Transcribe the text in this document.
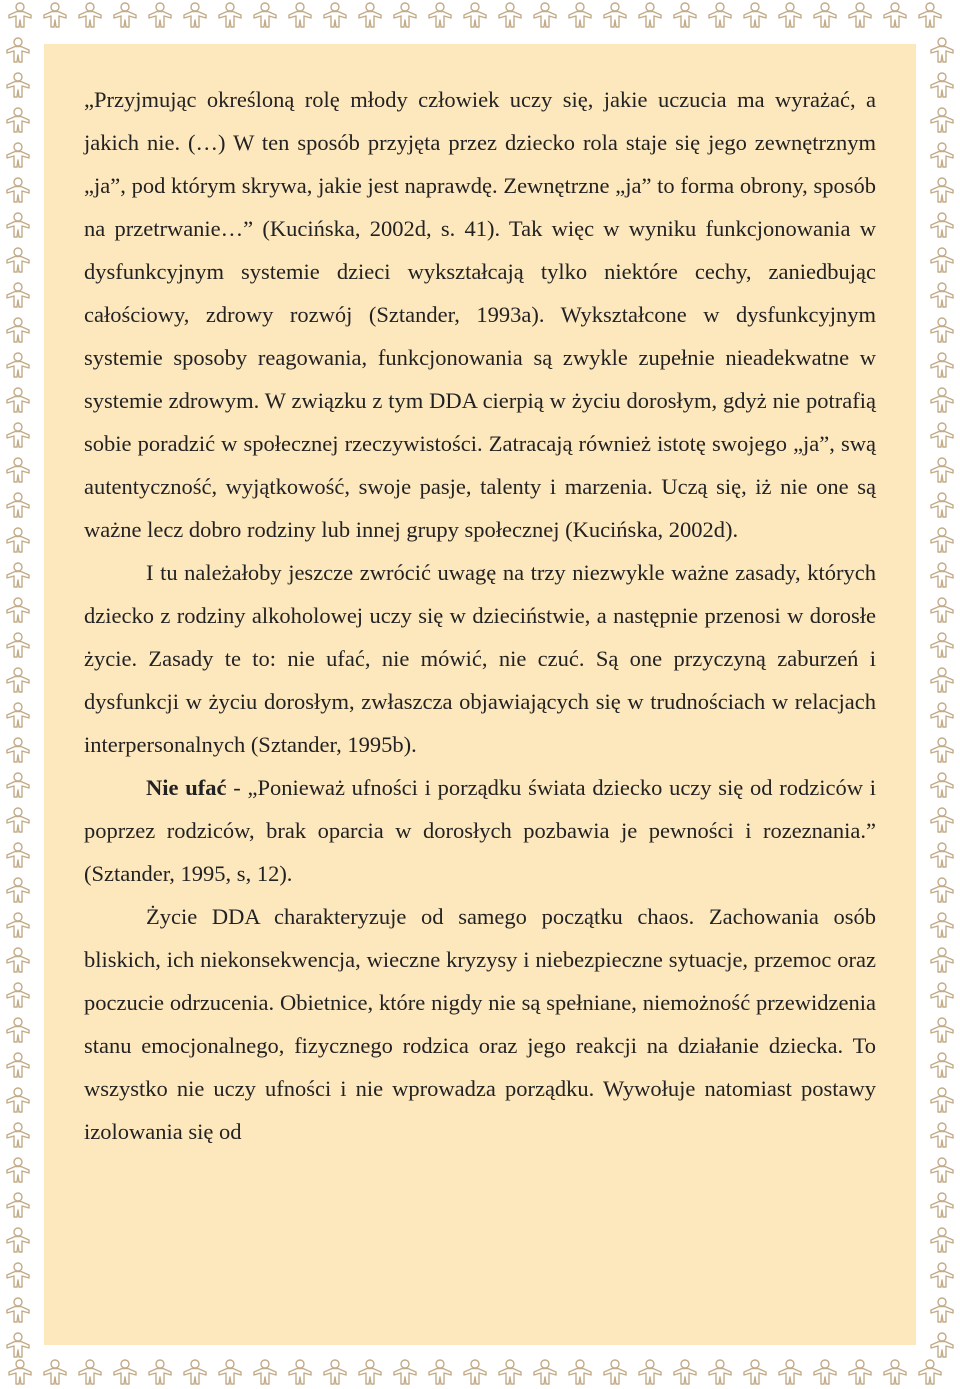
„Przyjmując określoną rolę młody człowiek uczy się, jakie uczucia ma wyrażać, a jakich nie. (…) W ten sposób przyjęta przez dziecko rola staje się jego zewnętrznym „ja”, pod którym skrywa, jakie jest naprawdę. Zewnętrzne „ja” to forma obrony, sposób na przetrwanie…” (Kucińska, 2002d, s. 41). Tak więc w wyniku funkcjonowania w dysfunkcyjnym systemie dzieci wykształcają tylko niektóre cechy, zaniedbując całościowy, zdrowy rozwój (Sztander, 1993a). Wykształcone w dysfunkcyjnym systemie sposoby reagowania, funkcjonowania są zwykle zupełnie nieadekwatne w systemie zdrowym. W związku z tym DDA cierpią w życiu dorosłym, gdyż nie potrafią sobie poradzić w społecznej rzeczywistości. Zatracają również istotę swojego „ja”, swą autentyczność, wyjątkowość, swoje pasje, talenty i marzenia. Uczą się, iż nie one są ważne lecz dobro rodziny lub innej grupy społecznej (Kucińska, 2002d).

I tu należałoby jeszcze zwrócić uwagę na trzy niezwykle ważne zasady, których dziecko z rodziny alkoholowej uczy się w dzieciństwie, a następnie przenosi w dorosłe życie. Zasady te to: nie ufać, nie mówić, nie czuć. Są one przyczyną zaburzeń i dysfunkcji w życiu dorosłym, zwłaszcza objawiających się w trudnościach w relacjach interpersonalnych (Sztander, 1995b).

Nie ufać - „Ponieważ ufności i porządku świata dziecko uczy się od rodziców i poprzez rodziców, brak oparcia w dorosłych pozbawia je pewności i rozeznania.” (Sztander, 1995, s, 12).

Życie DDA charakteryzuje od samego początku chaos. Zachowania osób bliskich, ich niekonsekwencja, wieczne kryzysy i niebezpieczne sytuacje, przemoc oraz poczucie odrzucenia. Obietnice, które nigdy nie są spełniane, niemożność przewidzenia stanu emocjonalnego, fizycznego rodzica oraz jego reakcji na działanie dziecka. To wszystko nie uczy ufności i nie wprowadza porządku. Wywołuje natomiast postawy izolowania się od
